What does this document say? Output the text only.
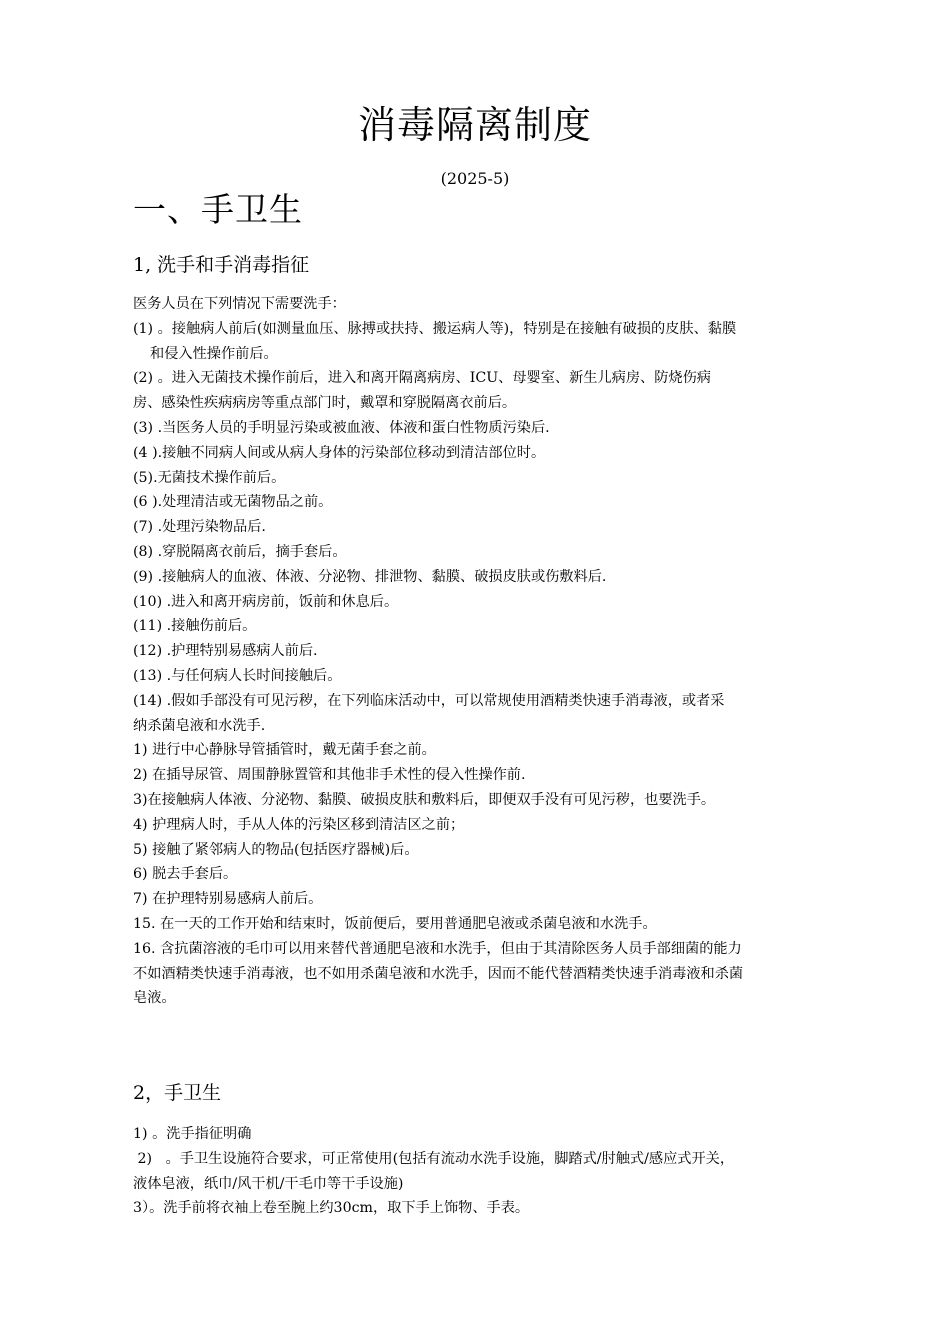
消毒隔离制度
(2025-5)
一、手卫生
1, 洗手和手消毒指征
医务人员在下列情况下需要洗手：
(1) 。接触病人前后(如测量血压、脉搏或扶持、搬运病人等)，特别是在接触有破损的皮肤、黏膜
和侵入性操作前后。
(2) 。进入无菌技术操作前后，进入和离开隔离病房、ICU、母婴室、新生儿病房、防烧伤病
房、感染性疾病病房等重点部门时，戴罩和穿脱隔离衣前后。
(3) .当医务人员的手明显污染或被血液、体液和蛋白性物质污染后.
(4 ).接触不同病人间或从病人身体的污染部位移动到清洁部位时。
(5).无菌技术操作前后。
(6 ).处理清洁或无菌物品之前。
(7) .处理污染物品后.
(8) .穿脱隔离衣前后，摘手套后。
(9) .接触病人的血液、体液、分泌物、排泄物、黏膜、破损皮肤或伤敷料后.
(10) .进入和离开病房前，饭前和休息后。
(11) .接触伤前后。
(12) .护理特别易感病人前后.
(13) .与任何病人长时间接触后。
(14) .假如手部没有可见污秽，在下列临床活动中，可以常规使用酒精类快速手消毒液，或者采
纳杀菌皂液和水洗手.
1) 进行中心静脉导管插管时，戴无菌手套之前。
2) 在插导尿管、周围静脉置管和其他非手术性的侵入性操作前.
3)在接触病人体液、分泌物、黏膜、破损皮肤和敷料后，即便双手没有可见污秽，也要洗手。
4) 护理病人时，手从人体的污染区移到清洁区之前；
5) 接触了紧邻病人的物品(包括医疗器械)后。
6) 脱去手套后。
7) 在护理特别易感病人前后。
15. 在一天的工作开始和结束时，饭前便后，要用普通肥皂液或杀菌皂液和水洗手。
16. 含抗菌溶液的毛巾可以用来替代普通肥皂液和水洗手，但由于其清除医务人员手部细菌的能力
不如酒精类快速手消毒液，也不如用杀菌皂液和水洗手，因而不能代替酒精类快速手消毒液和杀菌
皂液。
2，手卫生
1) 。洗手指征明确
2)   。手卫生设施符合要求，可正常使用(包括有流动水洗手设施，脚踏式/肘触式/感应式开关，
液体皂液，纸巾/风干机/干毛巾等干手设施)
3）。洗手前将衣袖上卷至腕上约30cm，取下手上饰物、手表。
